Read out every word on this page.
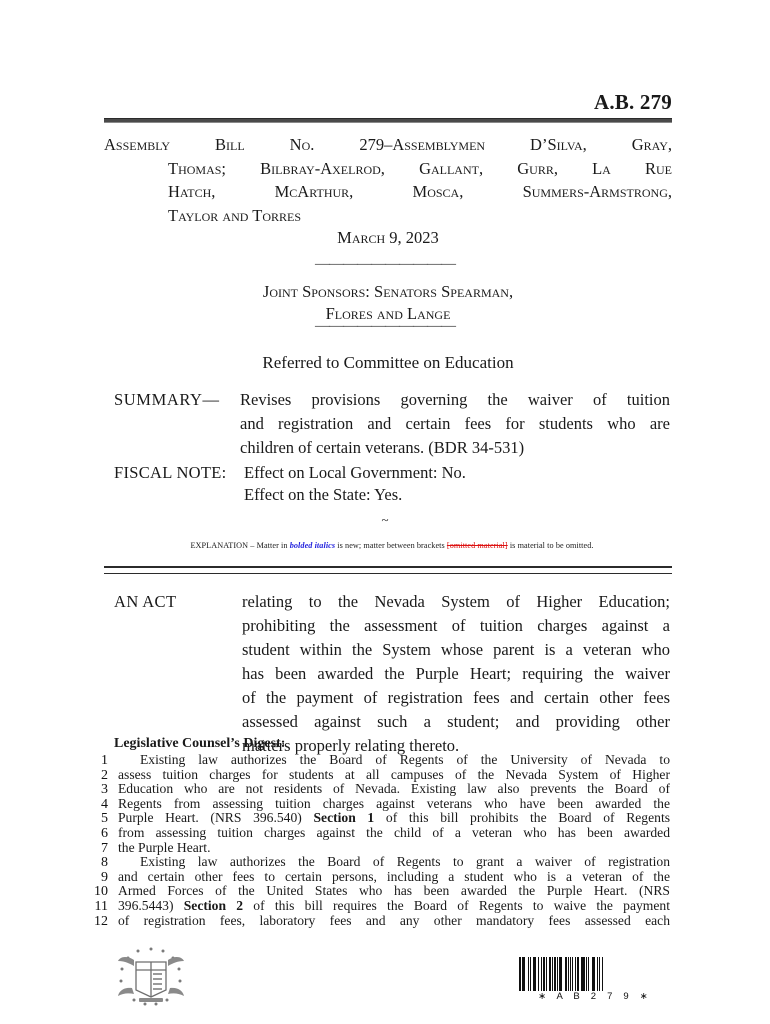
A.B. 279
Assembly Bill No. 279–Assemblymen D’Silva, Gray,
Thomas; Bilbray-Axelrod, Gallant, Gurr, La Rue
Hatch, McArthur, Mosca, Summers-Armstrong,
Taylor and Torres
March 9, 2023
——————————
Joint Sponsors: Senators Spearman,
Flores and Lange
——————————
Referred to Committee on Education
SUMMARY— Revises provisions governing the waiver of tuition
and registration and certain fees for students who are
children of certain veterans. (BDR 34-531)
FISCAL NOTE: Effect on Local Government: No.
Effect on the State: Yes.
~
EXPLANATION – Matter in bolded italics is new; matter between brackets [omitted material] is material to be omitted.
AN ACT	relating to the Nevada System of Higher Education;
prohibiting the assessment of tuition charges against a
student within the System whose parent is a veteran who
has been awarded the Purple Heart; requiring the waiver
of the payment of registration fees and certain other fees
assessed against such a student; and providing other
matters properly relating thereto.
Legislative Counsel’s Digest:
1	Existing law authorizes the Board of Regents of the University of Nevada to
2 assess tuition charges for students at all campuses of the Nevada System of Higher
3 Education who are not residents of Nevada. Existing law also prevents the Board of
4 Regents from assessing tuition charges against veterans who have been awarded the
5 Purple Heart. (NRS 396.540) Section 1 of this bill prohibits the Board of Regents
6 from assessing tuition charges against the child of a veteran who has been awarded
7 the Purple Heart.
8	Existing law authorizes the Board of Regents to grant a waiver of registration
9 and certain other fees to certain persons, including a student who is a veteran of the
10 Armed Forces of the United States who has been awarded the Purple Heart. (NRS
11 396.5443) Section 2 of this bill requires the Board of Regents to waive the payment
12 of registration fees, laboratory fees and any other mandatory fees assessed each
∗ A B 2 7 9 ∗
